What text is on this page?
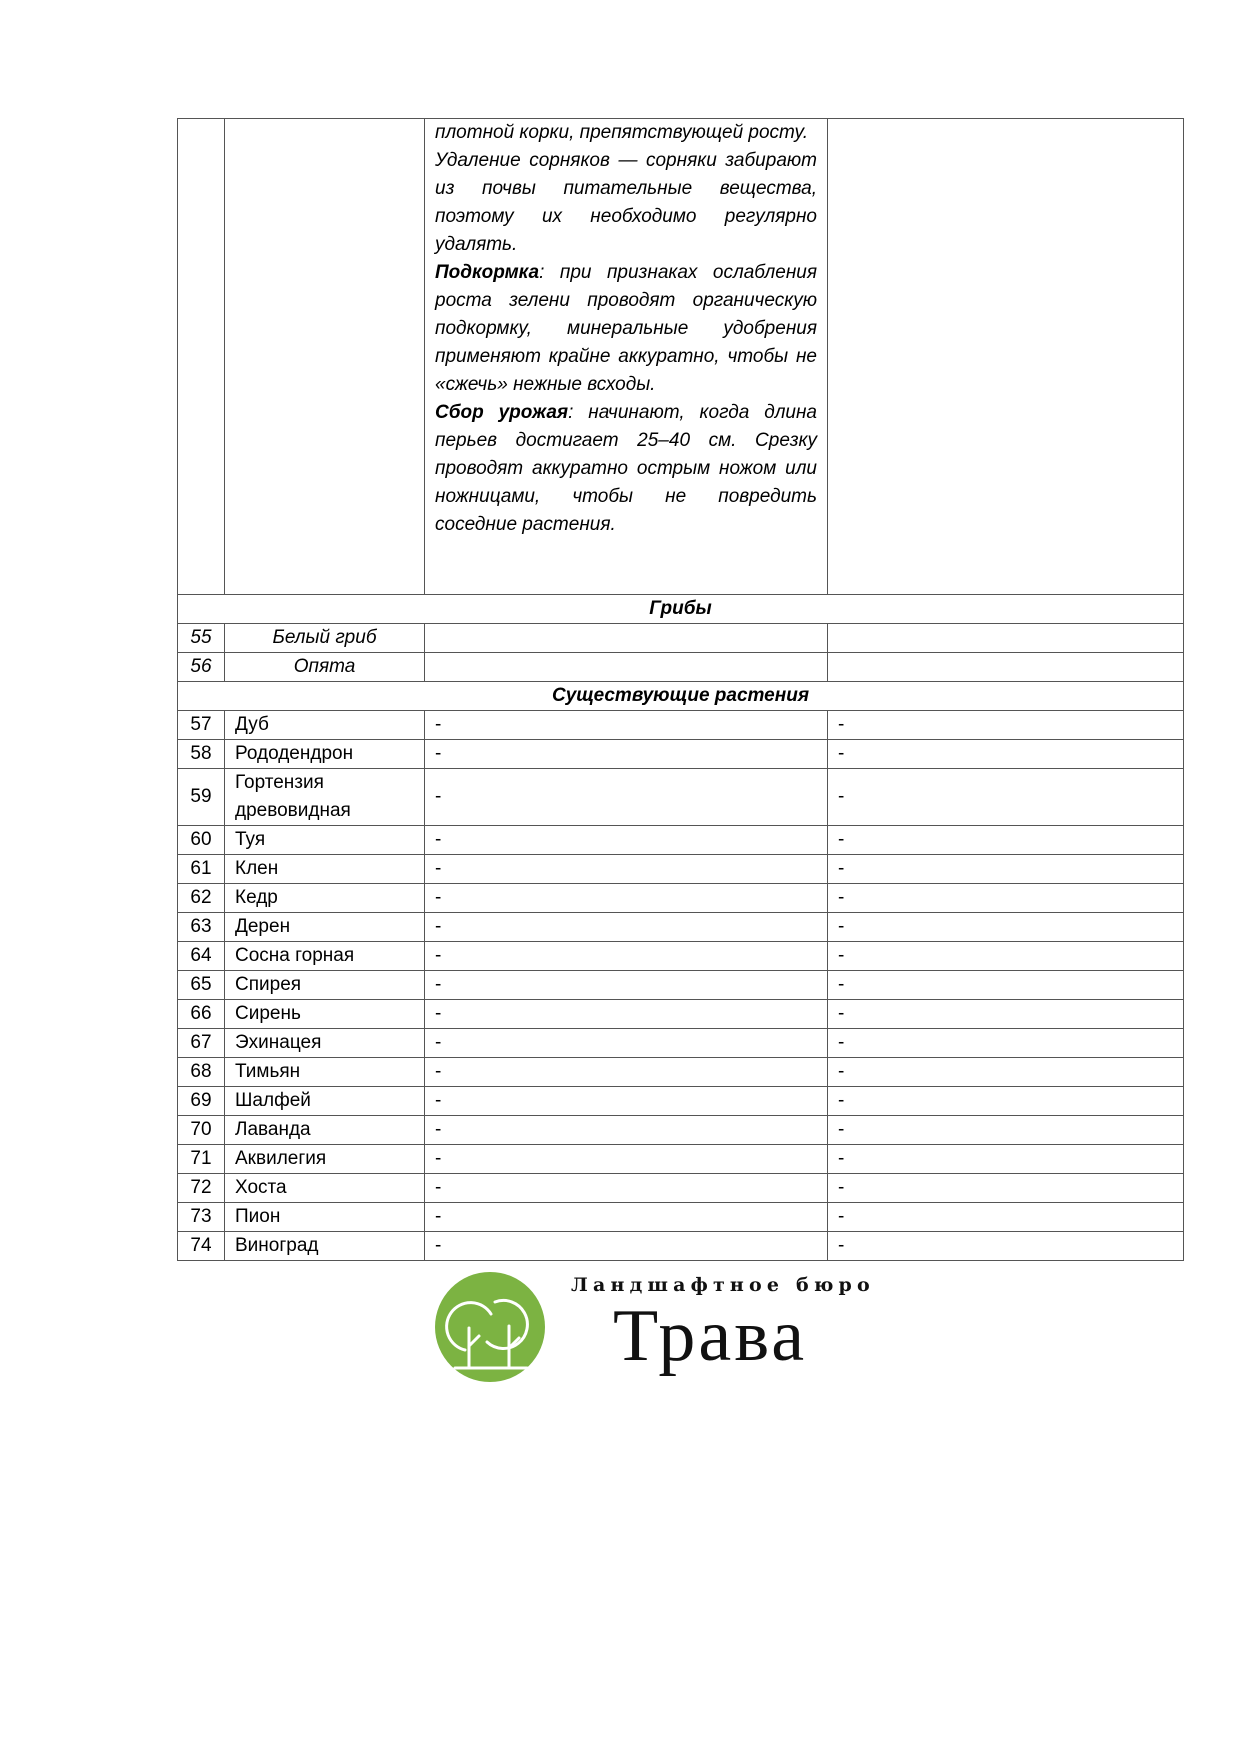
		плотной корки, препятствующей росту.

Удаление сорняков — сорняки забирают из почвы питательные вещества, поэтому их необходимо регулярно удалять.

Подкормка: при признаках ослабления роста зелени проводят органическую подкормку, минеральные удобрения применяют крайне аккуратно, чтобы не «сжечь» нежные всходы.

Сбор урожая: начинают, когда длина перьев достигает 25–40 см. Срезку проводят аккуратно острым ножом или ножницами, чтобы не повредить соседние растения.	

Грибы			
55	Белый гриб		
56	Опята		
Существующие растения			
57	Дуб	-	-
58	Рододендрон	-	-
59	Гортензия древовидная	-	-
60	Туя	-	-
61	Клен	-	-
62	Кедр	-	-
63	Дерен	-	-
64	Сосна горная	-	-
65	Спирея	-	-
66	Сирень	-	-
67	Эхинацея	-	-
68	Тимьян	-	-
69	Шалфей	-	-
70	Лаванда	-	-
71	Аквилегия	-	-
72	Хоста	-	-
73	Пион	-	-
74	Виноград	-	-
Ландшафтное бюро
Трава
